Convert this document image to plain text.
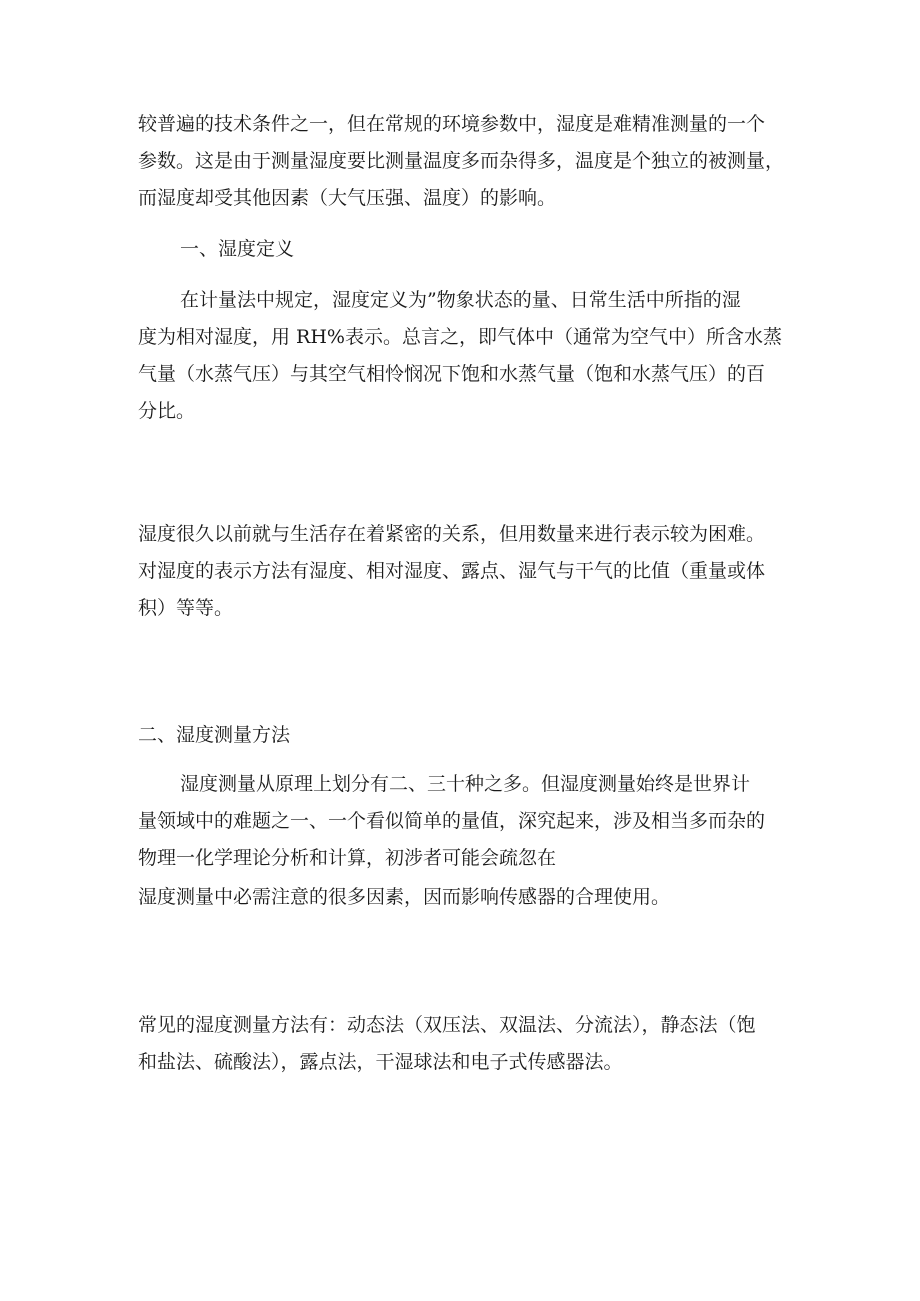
较普遍的技术条件之一，但在常规的环境参数中，湿度是难精准测量的一个
参数。这是由于测量湿度要比测量温度多而杂得多，温度是个独立的被测量，
而湿度却受其他因素（大气压强、温度）的影响。
一、湿度定义
在计量法中规定，湿度定义为”物象状态的量、日常生活中所指的湿
度为相对湿度，用 RH%表示。总言之，即气体中（通常为空气中）所含水蒸
气量（水蒸气压）与其空气相怜悯况下饱和水蒸气量（饱和水蒸气压）的百
分比。
湿度很久以前就与生活存在着紧密的关系，但用数量来进行表示较为困难。
对湿度的表示方法有湿度、相对湿度、露点、湿气与干气的比值（重量或体
积）等等。
二、湿度测量方法
湿度测量从原理上划分有二、三十种之多。但湿度测量始终是世界计
量领域中的难题之一、一个看似简单的量值，深究起来，涉及相当多而杂的
物理一化学理论分析和计算，初涉者可能会疏忽在
湿度测量中必需注意的很多因素，因而影响传感器的合理使用。
常见的湿度测量方法有：动态法（双压法、双温法、分流法），静态法（饱
和盐法、硫酸法），露点法，干湿球法和电子式传感器法。
